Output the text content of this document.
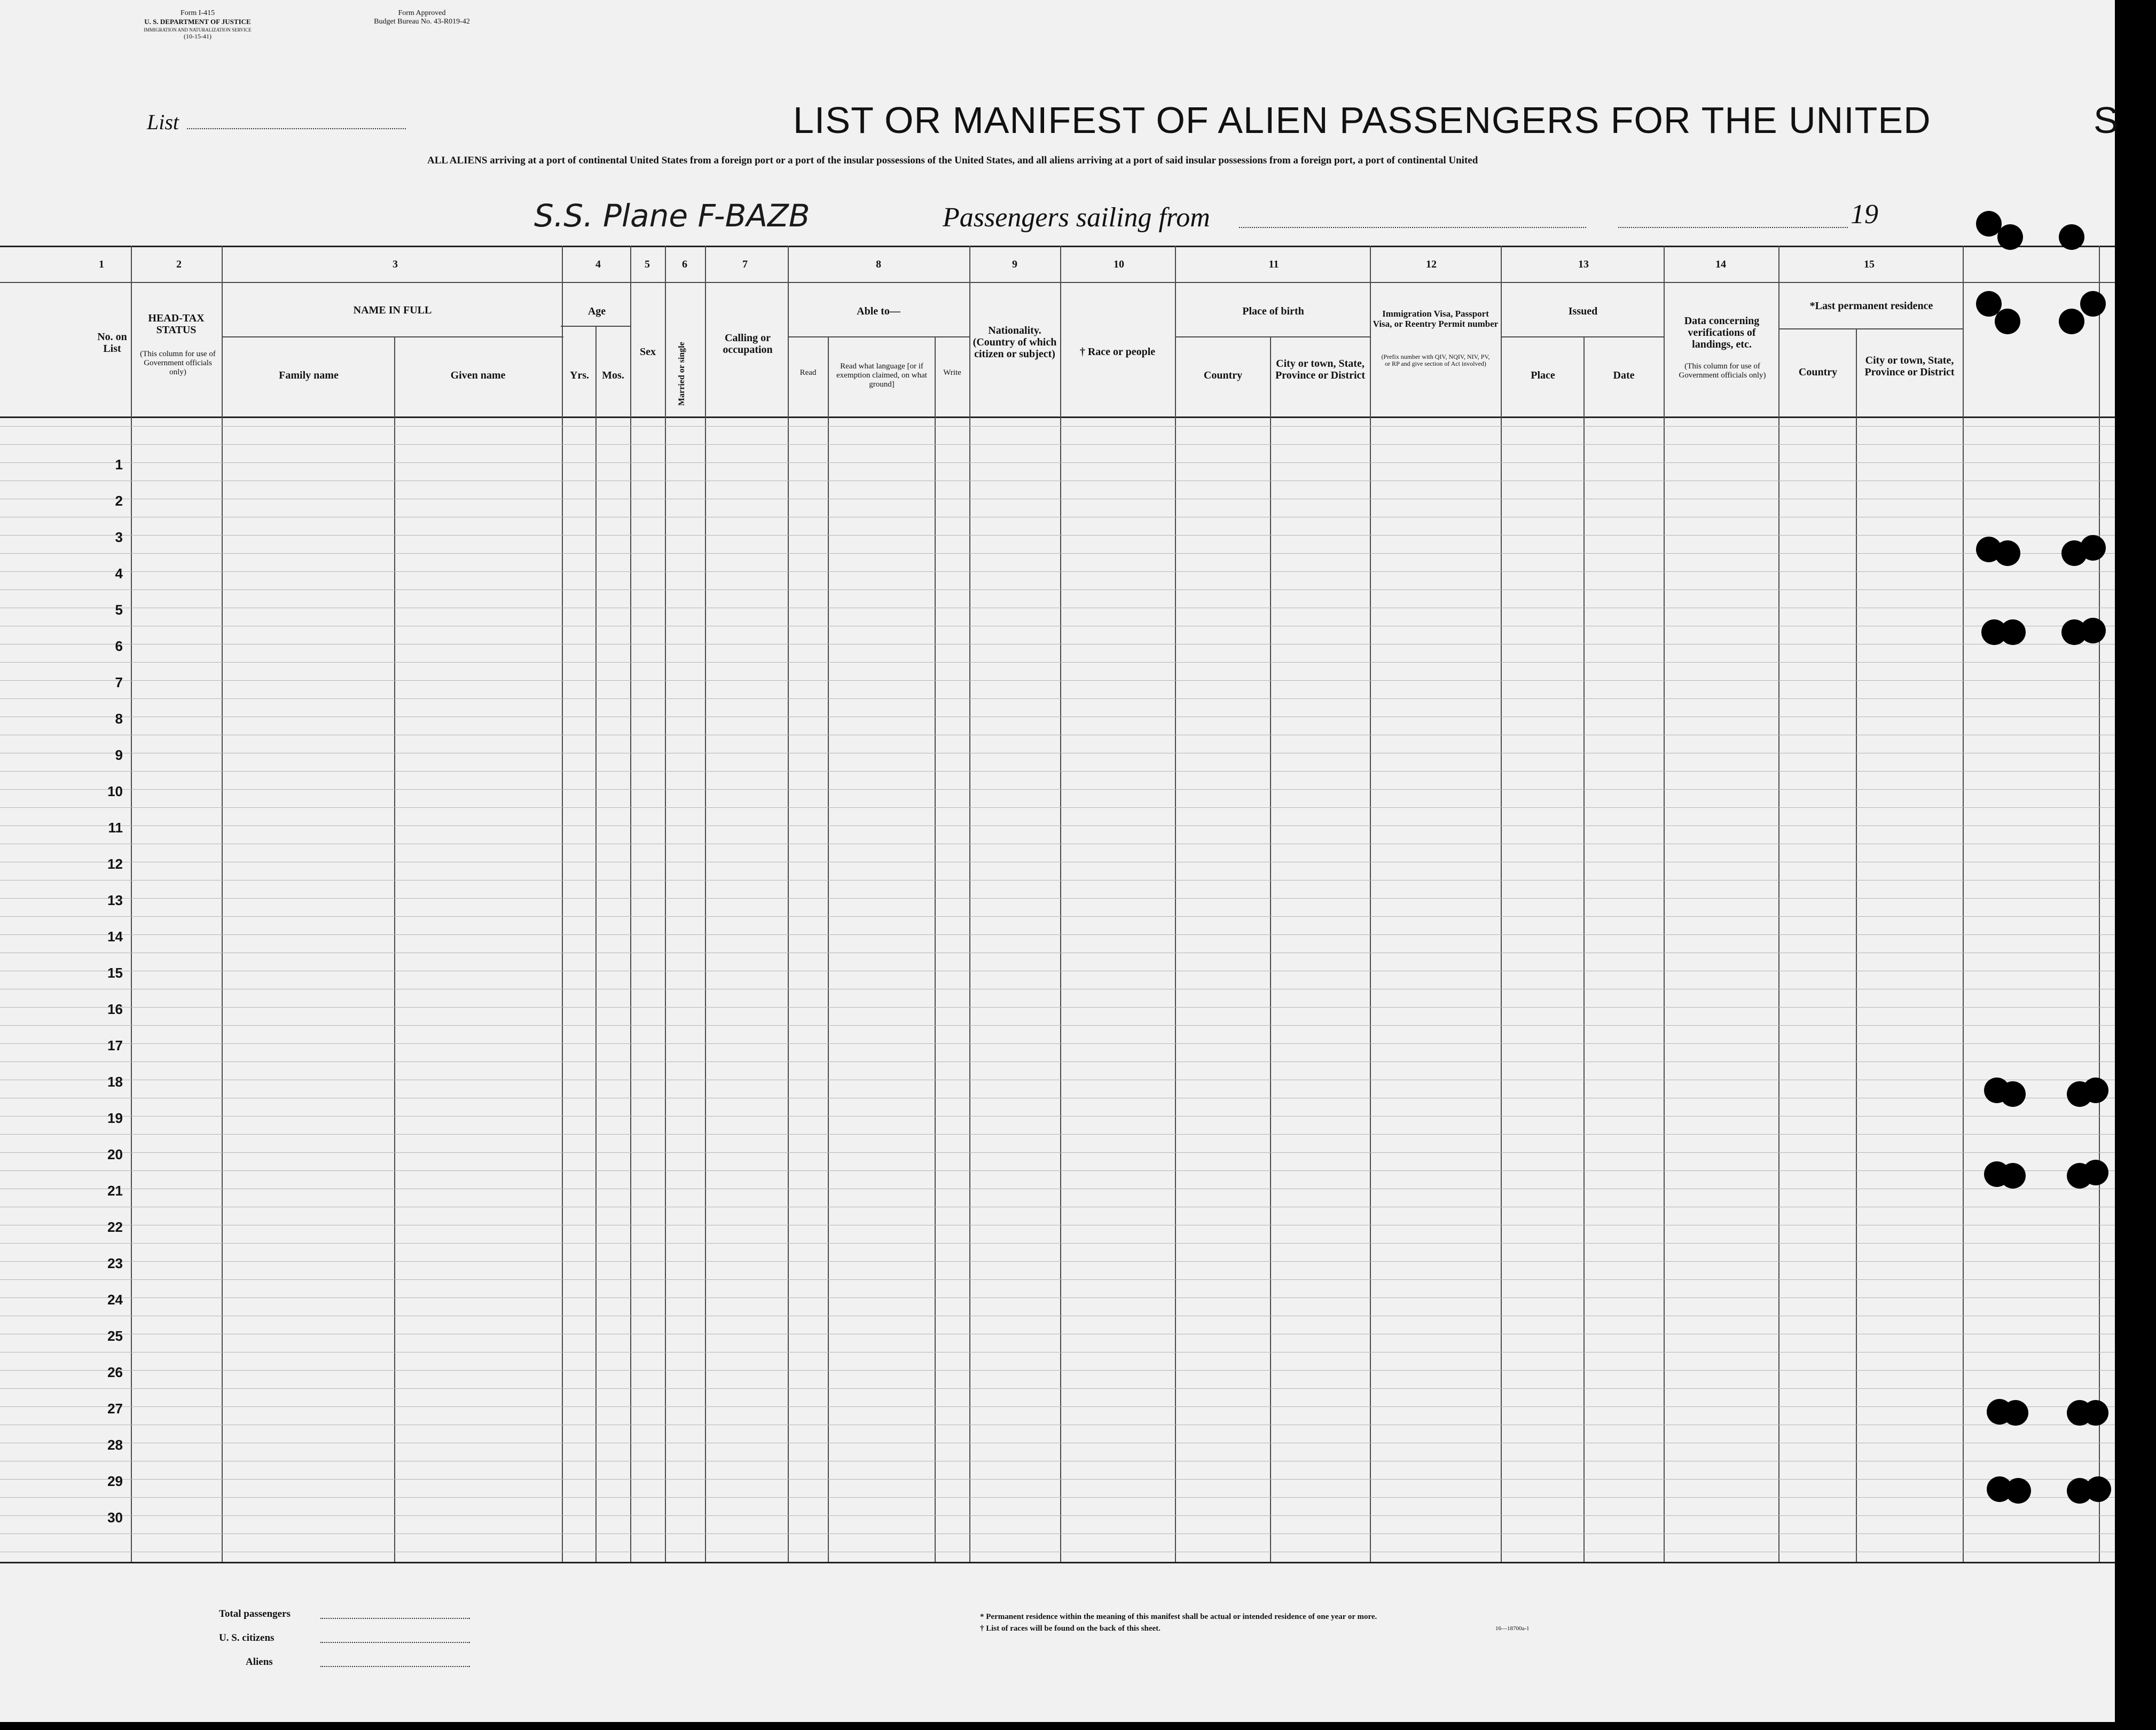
Form I-415
U. S. DEPARTMENT OF JUSTICE
IMMIGRATION AND NATURALIZATION SERVICE
(10-15-41)
Form Approved
Budget Bureau No. 43-R019-42
List	LIST OR MANIFEST OF ALIEN PASSENGERS FOR THE UNITED
ALL ALIENS arriving at a port of continental United States from a foreign port or a port of the insular possessions of the United States, and all aliens arriving at a port of said insular possessions from a foreign port, a port of continental United
S
S.S. Plane F-BAZB	Passengers sailing from	19
1	2	3	4	5	6	7	8	9	10	11	12	13	14	15
No. on List
HEAD-TAX STATUS
(This column for use of Government officials only)
NAME IN FULL
Family name	Given name
Age
Yrs.	Mos.
Sex	Married or single
Calling or occupation
Able to—
Read
Read what language [or if exemption claimed, on what ground]
Write
Nationality. (Country of which citizen or subject)	† Race or people
Place of birth
Country
City or town, State, Province or District
Immigration Visa, Passport Visa, or Reentry Permit number
(Prefix number with QIV, NQIV, NIV, PV, or RP and give section of Act involved)
Issued
Place	Date
Data concerning verifications of landings, etc.
(This column for use of Government officials only)
*Last permanent residence
Country
City or town, State, Province or District
1
2
3
4
5
6
7
8
9
10
11
12
13
14
15
16
17
18
19
20
21
22
23
24
25
26
27
28
29
30
Total passengers
U. S. citizens
Aliens
* Permanent residence within the meaning of this manifest shall be actual or intended residence of one year or more.
† List of races will be found on the back of this sheet.	16—18700a-1
